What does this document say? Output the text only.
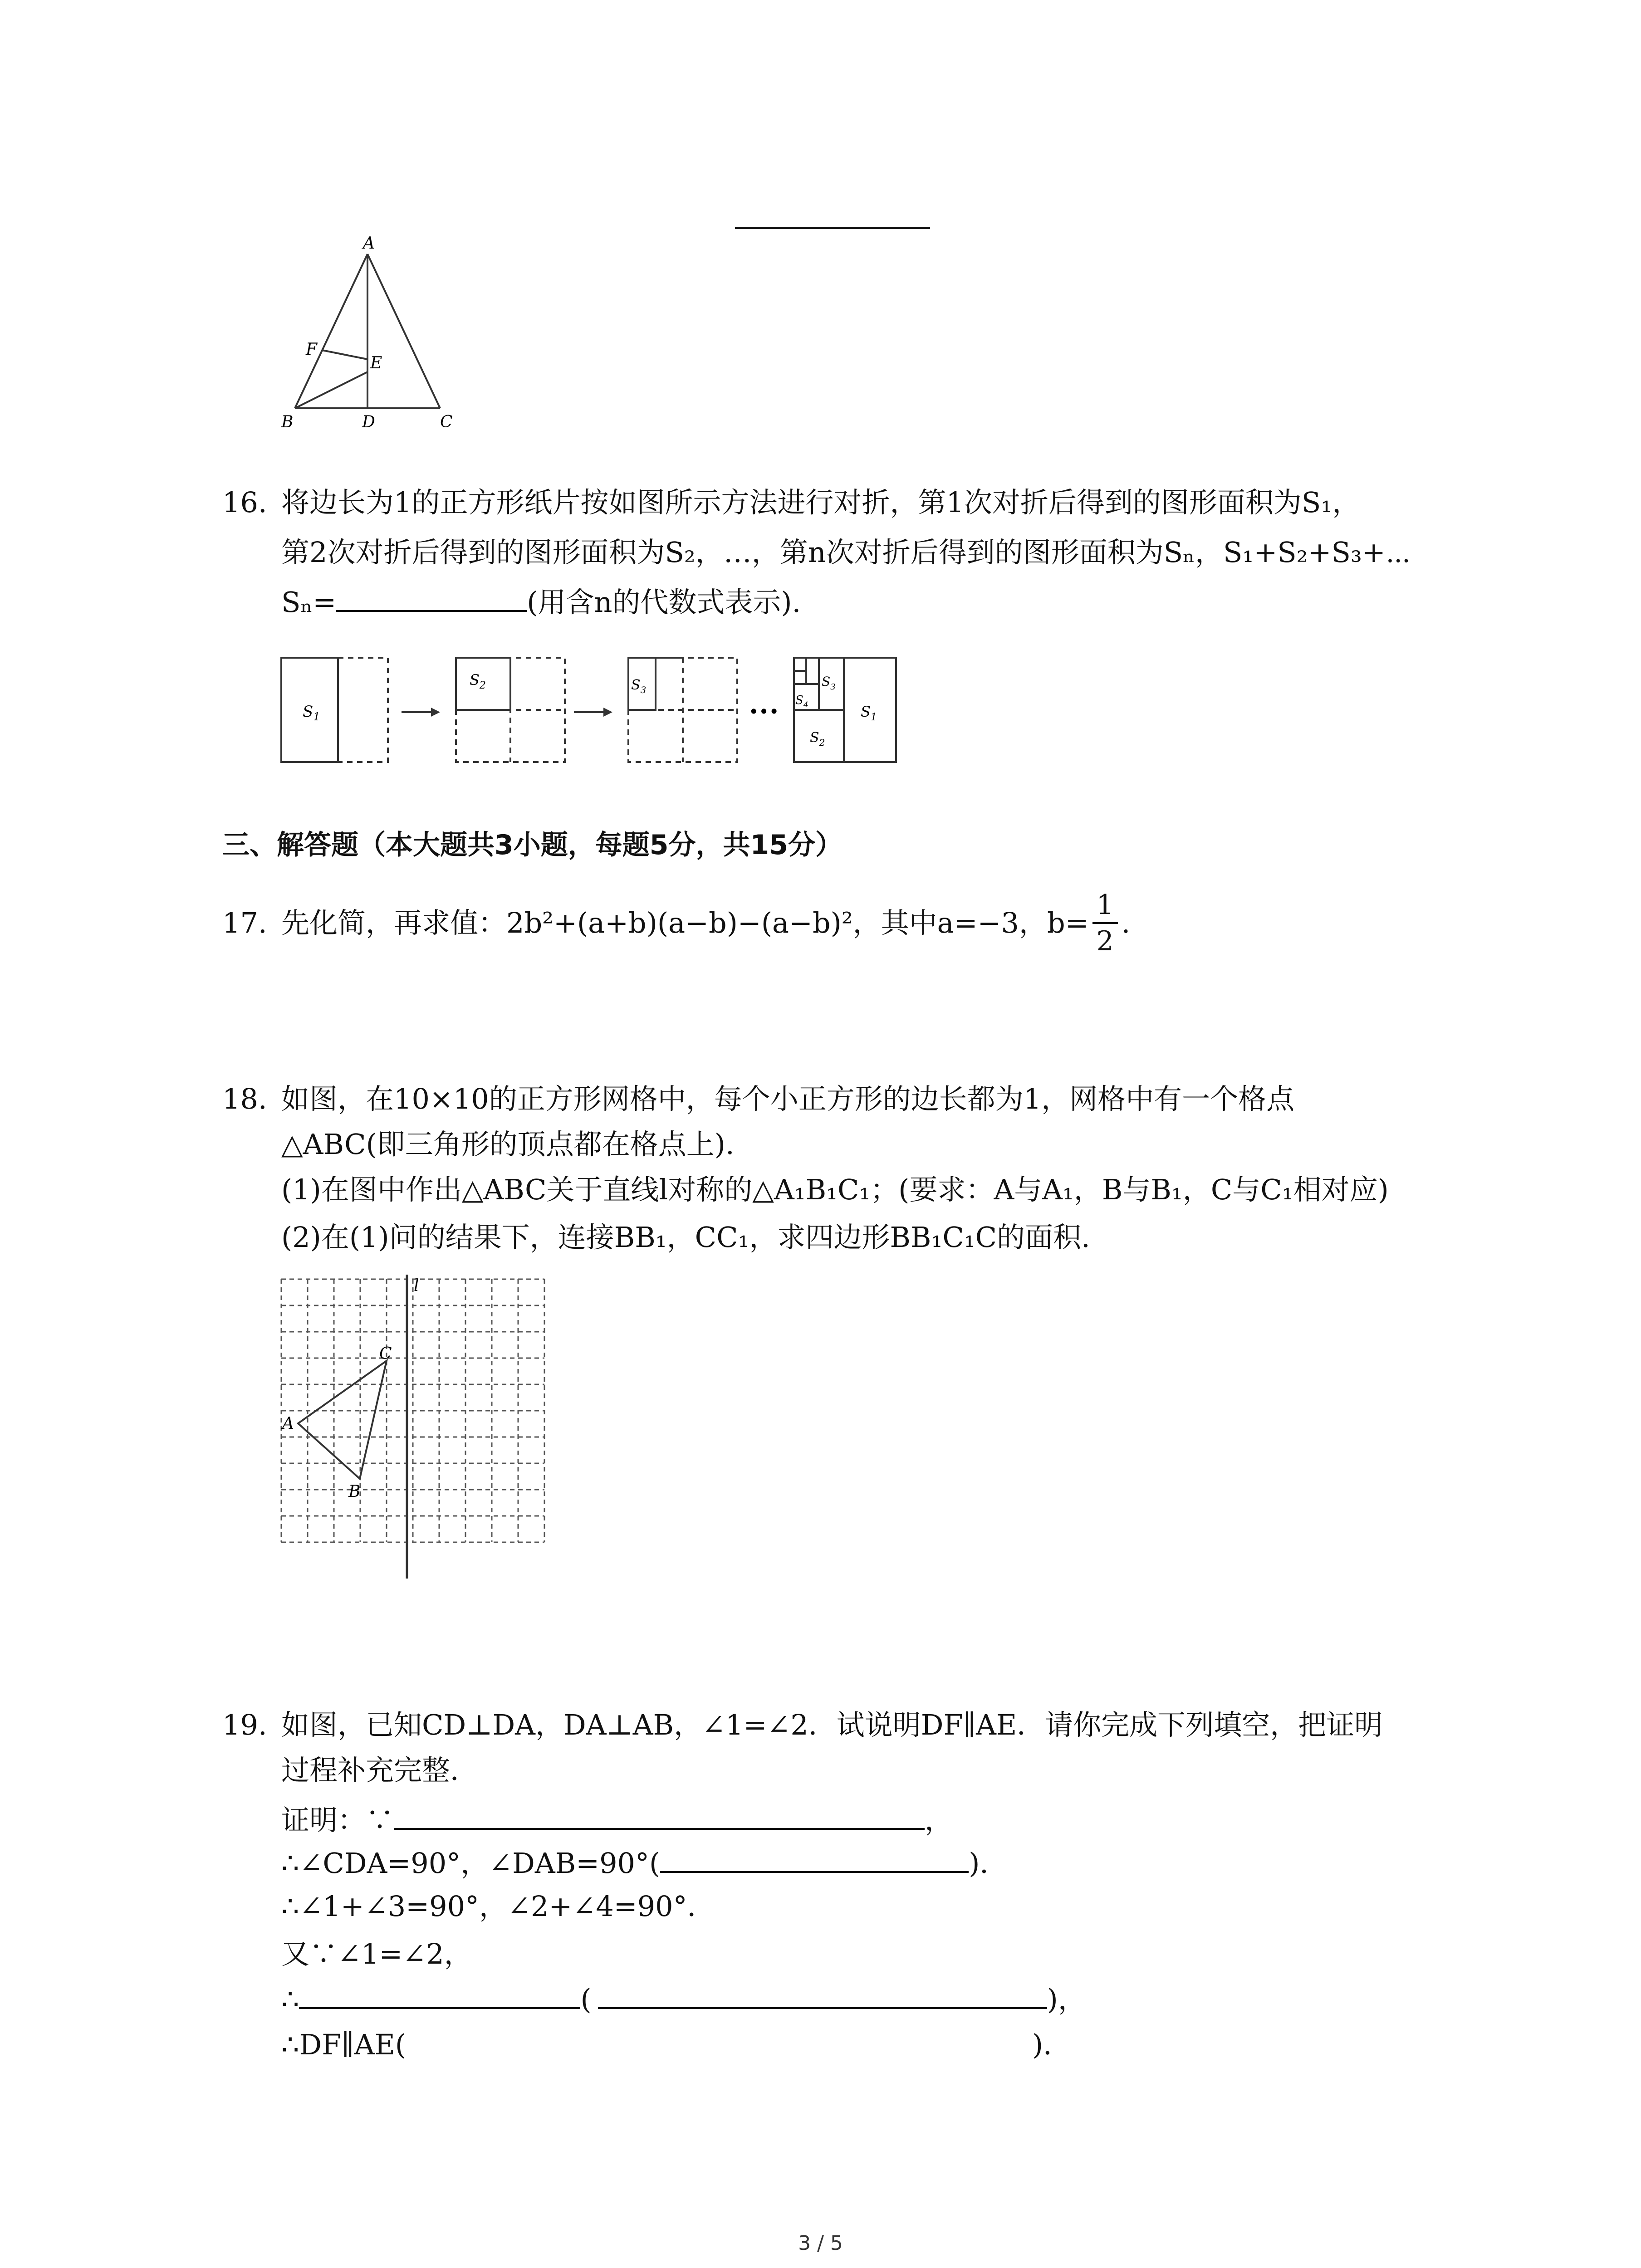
A
F
E
B	D	C
16. 将边长为1的正方形纸片按如图所示方法进行对折，第1次对折后得到的图形面积为S₁，
第2次对折后得到的图形面积为S₂，…，第n次对折后得到的图形面积为Sₙ，S₁+S₂+S₃+⋯
Sₙ=	(用含n的代数式表示).
$S_1$
$S_2$	$S_3$
•••
$S_3$
$S_4$
$S_2$
$S_1$
三、解答题（本大题共3小题，每题5分，共15分）
17. 先化简，再求值：2b²+(a+b)(a−b)−(a−b)²，其中a=−3，$b= \frac{1}{2}$ .
18. 如图，在10×10的正方形网格中，每个小正方形的边长都为1，网格中有一个格点
△ABC(即三角形的顶点都在格点上).
(1)在图中作出△ABC关于直线l对称的△A₁B₁C₁；(要求：A与A₁，B与B₁，C与C₁相对应)
(2)在(1)问的结果下，连接BB₁，CC₁，求四边形BB₁C₁C的面积.
l
C
A
B
19. 如图，已知CD⊥DA，DA⊥AB，∠1=∠2．试说明DF∥AE．请你完成下列填空，把证明
过程补充完整．
证明：∵	，
∴∠CDA=90°，∠DAB=90°(	)．
∴∠1+∠3=90°，∠2+∠4=90°．
又∵∠1=∠2，
∴	(	)，
∴DF∥AE(	)．
3 / 5
